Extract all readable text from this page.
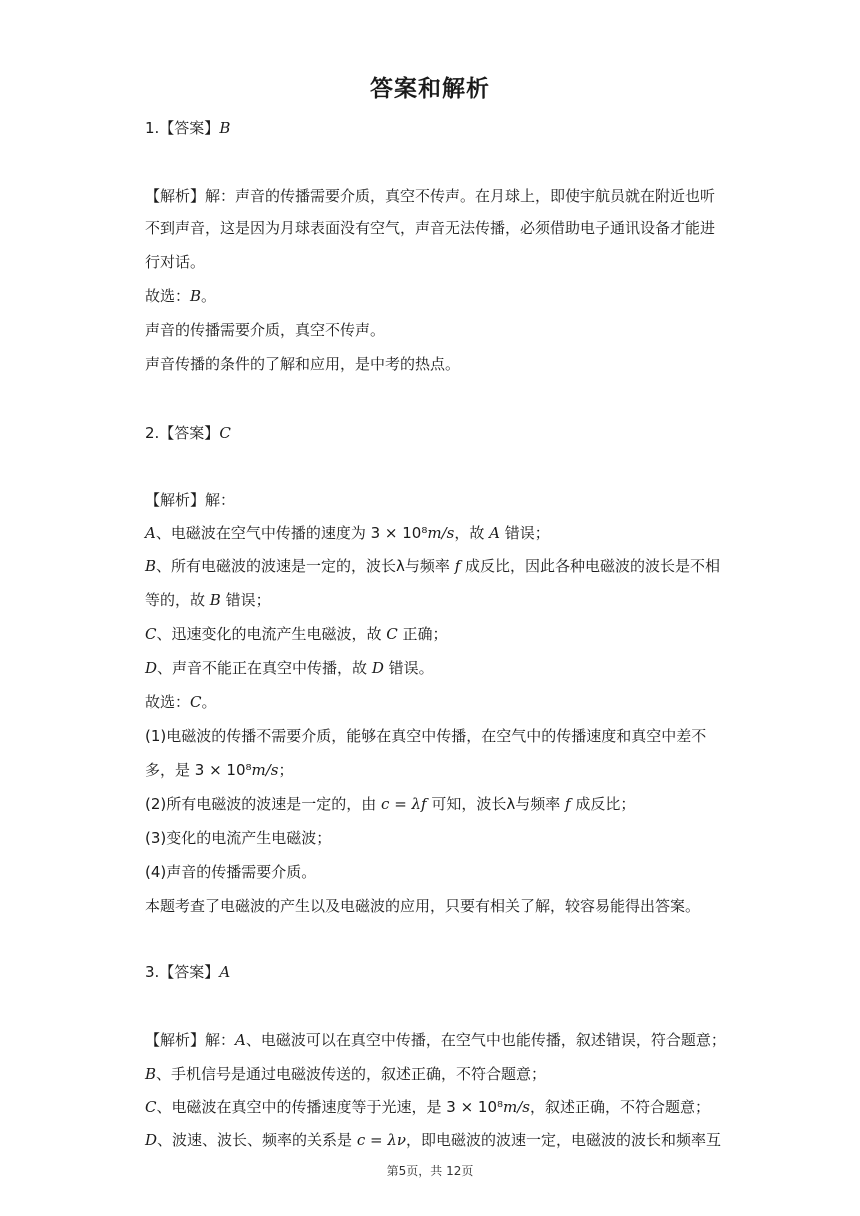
答案和解析
1.【答案】B
【解析】解：声音的传播需要介质，真空不传声。在月球上，即使宇航员就在附近也听
不到声音，这是因为月球表面没有空气，声音无法传播，必须借助电子通讯设备才能进
行对话。
故选：B。
声音的传播需要介质，真空不传声。
声音传播的条件的了解和应用，是中考的热点。
2.【答案】C
【解析】解：
A、电磁波在空气中传播的速度为 3 × 10⁸m/s，故 A 错误；
B、所有电磁波的波速是一定的，波长λ与频率 f 成反比，因此各种电磁波的波长是不相
等的，故 B 错误；
C、迅速变化的电流产生电磁波，故 C 正确；
D、声音不能正在真空中传播，故 D 错误。
故选：C。
(1)电磁波的传播不需要介质，能够在真空中传播，在空气中的传播速度和真空中差不
多，是 3 × 10⁸m/s；
(2)所有电磁波的波速是一定的，由 c = λf 可知，波长λ与频率 f 成反比；
(3)变化的电流产生电磁波；
(4)声音的传播需要介质。
本题考查了电磁波的产生以及电磁波的应用，只要有相关了解，较容易能得出答案。
3.【答案】A
【解析】解：A、电磁波可以在真空中传播，在空气中也能传播，叙述错误，符合题意；
B、手机信号是通过电磁波传送的，叙述正确，不符合题意；
C、电磁波在真空中的传播速度等于光速，是 3 × 10⁸m/s，叙述正确，不符合题意；
D、波速、波长、频率的关系是 c = λν，即电磁波的波速一定，电磁波的波长和频率互
第5页，共 12页
